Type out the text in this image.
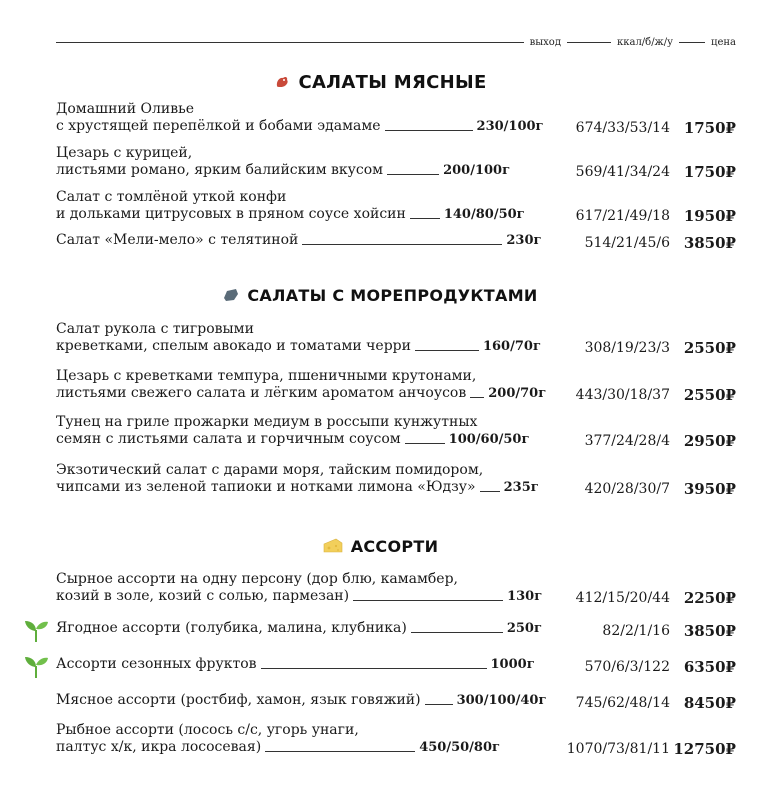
выход	ккал/б/ж/у	цена
САЛАТЫ МЯСНЫЕ
Домашний Оливье
с хрустящей перепёлкой и бобами эдамаме	230/100г 674/33/53/14 1750₽
Цезарь с курицей,
листьями романо, ярким балийским вкусом	200/100г	569/41/34/24 1750₽
Салат с томлёной уткой конфи
и дольками цитрусовых в пряном соусе хойсин	140/80/50г	617/21/49/18 1950₽
Салат «Мели-мело» с телятиной	230г	514/21/45/6 3850₽
САЛАТЫ С МОРЕПРОДУКТАМИ
Салат рукола с тигровыми
креветками, спелым авокадо и томатами черри	160/70г	308/19/23/3 2550₽
Цезарь с креветками темпура, пшеничными крутонами,
листьями свежего салата и лёгким ароматом анчоусов 200/70г 443/30/18/37 2550₽
Тунец на гриле прожарки медиум в россыпи кунжутных
семян с листьями салата и горчичным соусом	100/60/50г	377/24/28/4 2950₽
Экзотический салат с дарами моря, тайским помидором,
чипсами из зеленой тапиоки и нотками лимона «Юдзу» 235г	420/28/30/7 3950₽
АССОРТИ
Сырное ассорти на одну персону (дор блю, камамбер,
козий в золе, козий с солью, пармезан)	130г 412/15/20/44 2250₽
Ягодное ассорти (голубика, малина, клубника)	250г	82/2/1/16 3850₽
Ассорти сезонных фруктов	1000г	570/6/3/122 6350₽
Мясное ассорти (ростбиф, хамон, язык говяжий)	300/100/40г 745/62/48/14 8450₽
Рыбное ассорти (лосось с/с, угорь унаги,
палтус х/к, икра лососевая)	450/50/80г	1070/73/81/11 12750₽
